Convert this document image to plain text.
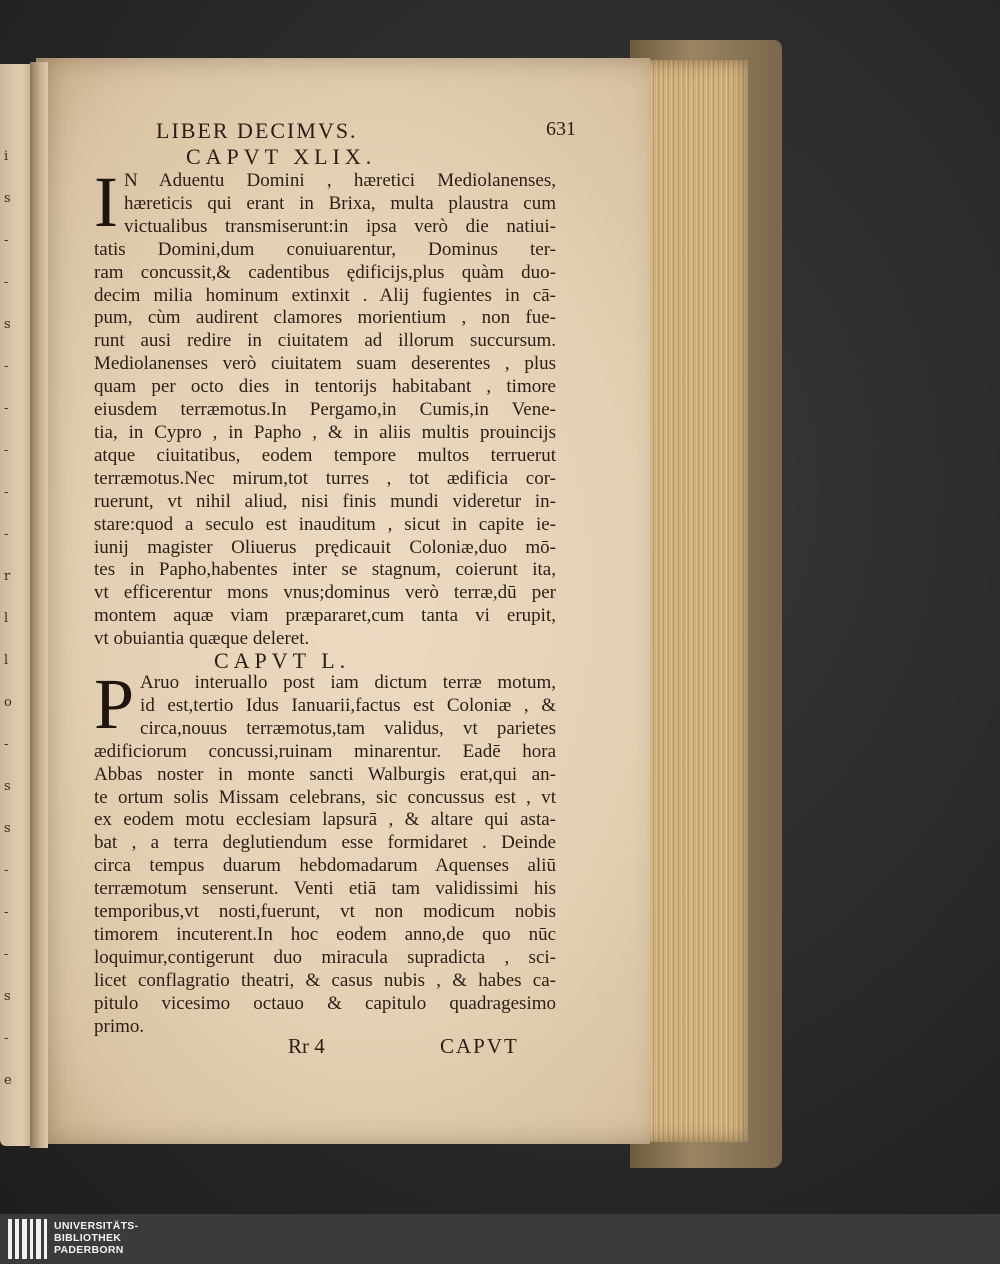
i
s
-
-
s
-
-
-
-
-
r
l
l
o
-
s
s
-
-
-
s
-
e
LIBER DECIMVS.	631
CAPVT XLIX.
I N Aduentu Domini , hæretici Mediolanenses,
hæreticis qui erant in Brixa, multa plaustra cum
victualibus transmiserunt:in ipsa verò die natiui-
tatis Domini,dum conuiuarentur, Dominus ter-
ram concussit,& cadentibus ędificijs,plus quàm duo-
decim milia hominum extinxit . Alij fugientes in cā-
pum, cùm audirent clamores morientium , non fue-
runt ausi redire in ciuitatem ad illorum succursum.
Mediolanenses verò ciuitatem suam deserentes , plus
quam per octo dies in tentorijs habitabant , timore
eiusdem terræmotus.In Pergamo,in Cumis,in Vene-
tia, in Cypro , in Papho , & in aliis multis prouincijs
atque ciuitatibus, eodem tempore multos terruerut
terræmotus.Nec mirum,tot turres , tot ædificia cor-
ruerunt, vt nihil aliud, nisi finis mundi videretur in-
stare:quod a seculo est inauditum , sicut in capite ie-
iunij magister Oliuerus prędicauit Coloniæ,duo mō-
tes in Papho,habentes inter se stagnum, coierunt ita,
vt efficerentur mons vnus;dominus verò terræ,dū per
montem aquæ viam præpararet,cum tanta vi erupit,
vt obuiantia quæque deleret.
CAPVT L.
P Aruo interuallo post iam dictum terræ motum,
id est,tertio Idus Ianuarii,factus est Coloniæ , &
circa,nouus terræmotus,tam validus, vt parietes
ædificiorum concussi,ruinam minarentur. Eadē hora
Abbas noster in monte sancti Walburgis erat,qui an-
te ortum solis Missam celebrans, sic concussus est , vt
ex eodem motu ecclesiam lapsurā , & altare qui asta-
bat , a terra deglutiendum esse formidaret . Deinde
circa tempus duarum hebdomadarum Aquenses aliū
terræmotum senserunt. Venti etiā tam validissimi his
temporibus,vt nosti,fuerunt, vt non modicum nobis
timorem incuterent.In hoc eodem anno,de quo nūc
loquimur,contigerunt duo miracula supradicta , sci-
licet conflagratio theatri, & casus nubis , & habes ca-
pitulo vicesimo octauo & capitulo quadragesimo
primo.
Rr 4	CAPVT
UNIVERSITÄTS-
BIBLIOTHEK
PADERBORN
